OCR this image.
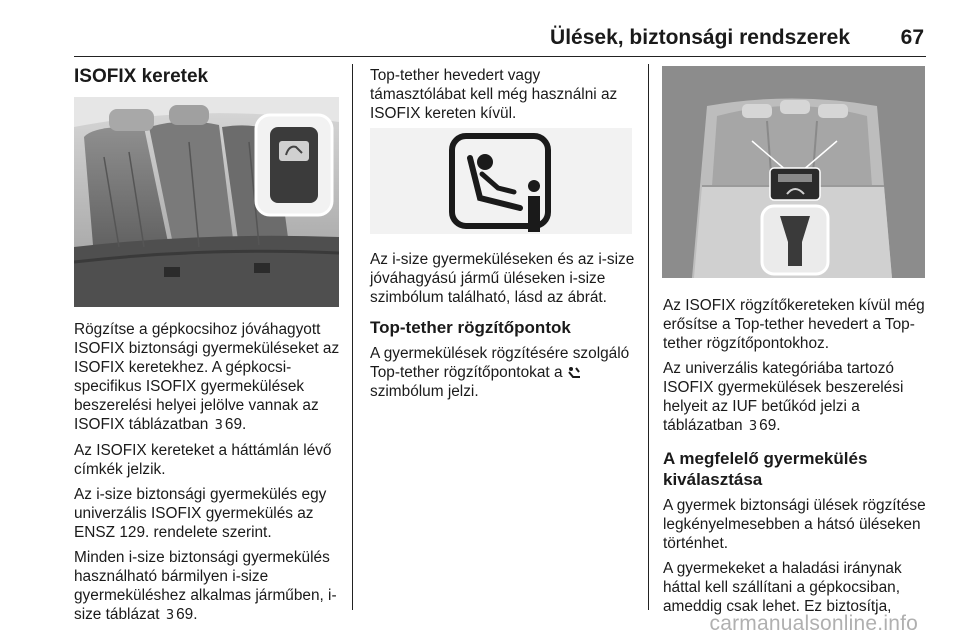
Ülések, biztonsági rendszerek 67
ISOFIX keretek

Rögzítse a gépkocsihoz jóváhagyott ISOFIX biztonsági gyermeküléseket az ISOFIX keretekhez. A gépkocsi-specifikus ISOFIX gyermekülések beszerelési helyei jelölve vannak az ISOFIX táblázatban 3 69.

Az ISOFIX kereteket a háttámlán lévő címkék jelzik.

Az i-size biztonsági gyermekülés egy univerzális ISOFIX gyermekülés az ENSZ 129. rendelete szerint.

Minden i-size biztonsági gyermekülés használható bármilyen i-size gyermeküléshez alkalmas járműben, i-size táblázat 3 69.

Top-tether hevedert vagy támasztólábat kell még használni az ISOFIX kereten kívül.

Az i-size gyermeküléseken és az i-size jóváhagyású jármű üléseken i-size szimbólum található, lásd az ábrát.

Top-tether rögzítőpontok

A gyermekülések rögzítésére szolgáló Top-tether rögzítőpontokat a  szimbólum jelzi.

Az ISOFIX rögzítőkereteken kívül még erősítse a Top-tether hevedert a Top-tether rögzítőpontokhoz.

Az univerzális kategóriába tartozó ISOFIX gyermekülések beszerelési helyeit az IUF betűkód jelzi a táblázatban 3 69.

A megfelelő gyermekülés kiválasztása

A gyermek biztonsági ülések rögzítése legkényelmesebben a hátsó üléseken történhet.

A gyermekeket a haladási iránynak háttal kell szállítani a gépkocsiban, ameddig csak lehet. Ez biztosítja,

carmanualsonline.info
